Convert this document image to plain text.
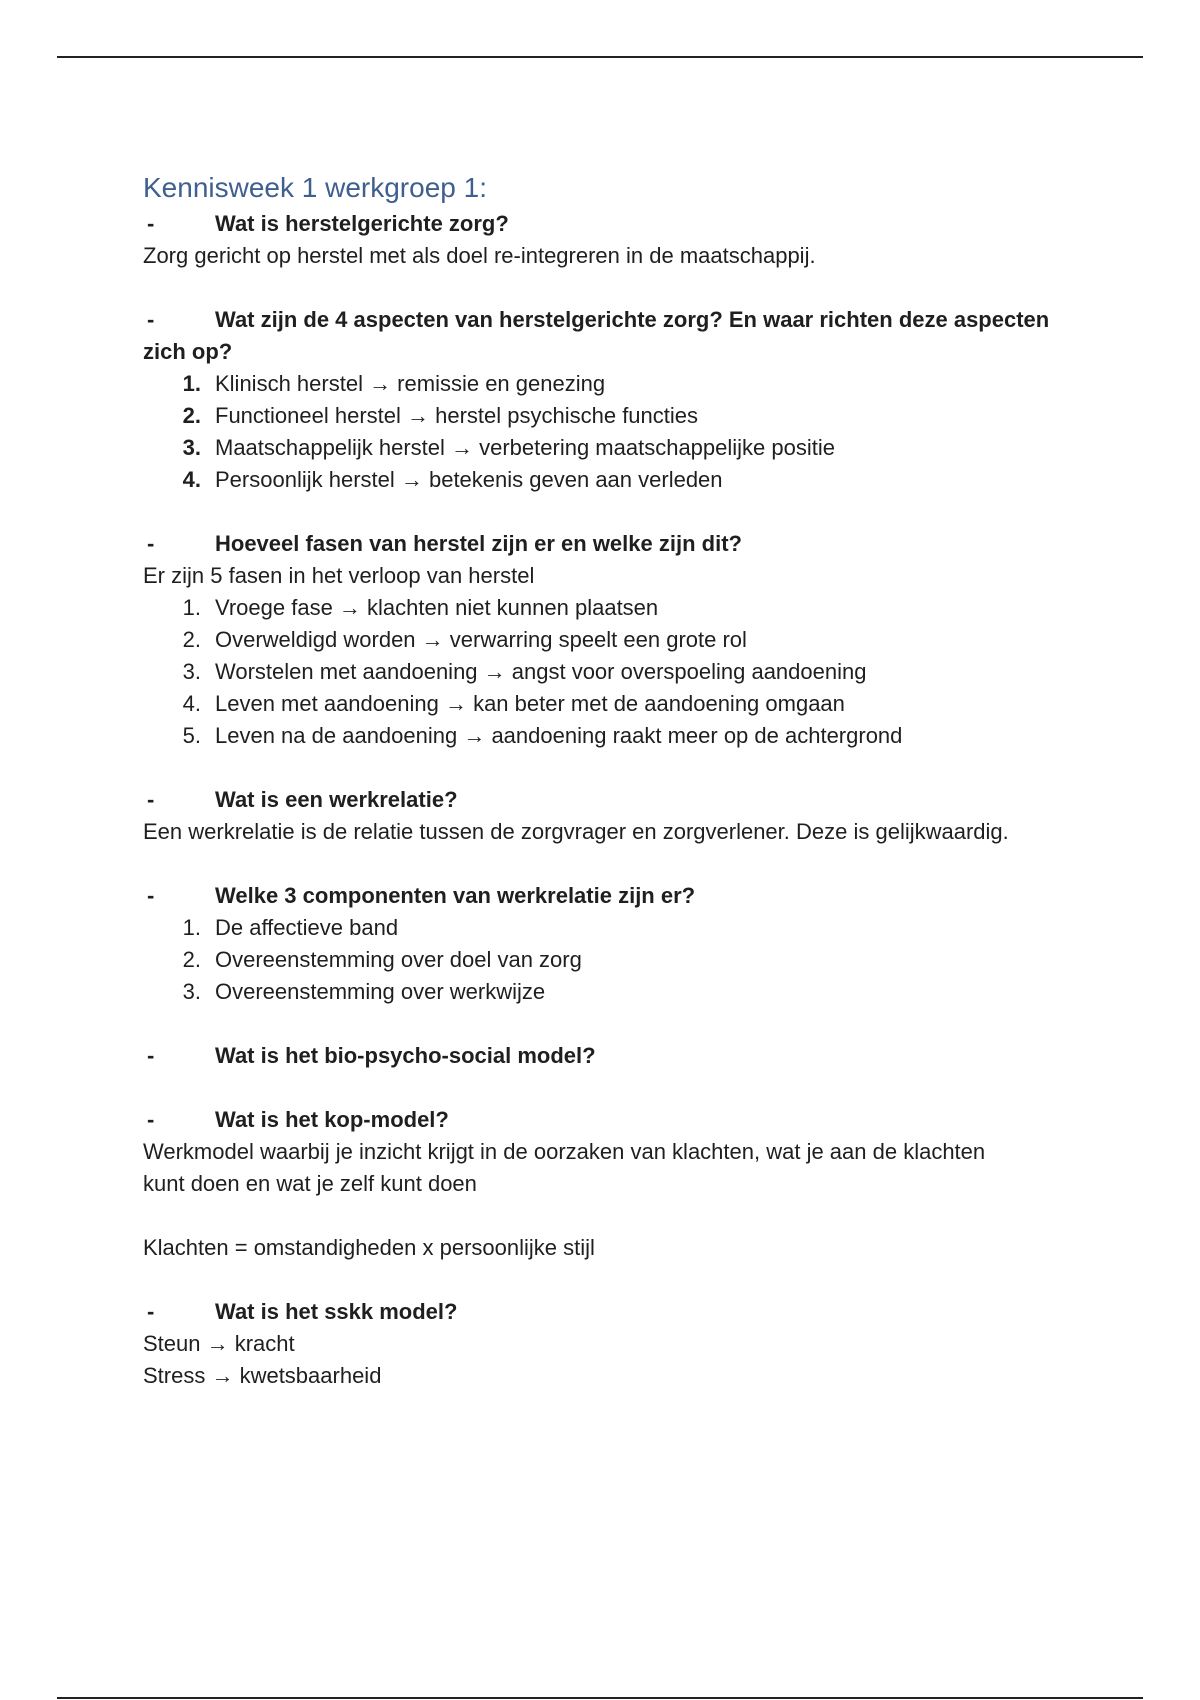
Kennisweek 1 werkgroep 1:
-	Wat is herstelgerichte zorg?

Zorg gericht op herstel met als doel re-integreren in de maatschappij.

-	Wat zijn de 4 aspecten van herstelgerichte zorg? En waar richten deze aspecten
zich op?
1. Klinisch herstel → remissie en genezing
2. Functioneel herstel → herstel psychische functies
3. Maatschappelijk herstel → verbetering maatschappelijke positie
4. Persoonlijk herstel → betekenis geven aan verleden
-	Hoeveel fasen van herstel zijn er en welke zijn dit?

Er zijn 5 fasen in het verloop van herstel

1. Vroege fase → klachten niet kunnen plaatsen
2. Overweldigd worden → verwarring speelt een grote rol
3. Worstelen met aandoening → angst voor overspoeling aandoening
4. Leven met aandoening → kan beter met de aandoening omgaan
5. Leven na de aandoening → aandoening raakt meer op de achtergrond
-	Wat is een werkrelatie?

Een werkrelatie is de relatie tussen de zorgvrager en zorgverlener. Deze is gelijkwaardig.

-	Welke 3 componenten van werkrelatie zijn er?
1. De affectieve band
2. Overeenstemming over doel van zorg
3. Overeenstemming over werkwijze
-	Wat is het bio-psycho-social model?
-	Wat is het kop-model?

Werkmodel waarbij je inzicht krijgt in de oorzaken van klachten, wat je aan de klachten

kunt doen en wat je zelf kunt doen

Klachten = omstandigheden x persoonlijke stijl

-	Wat is het sskk model?

Steun → kracht

Stress → kwetsbaarheid
